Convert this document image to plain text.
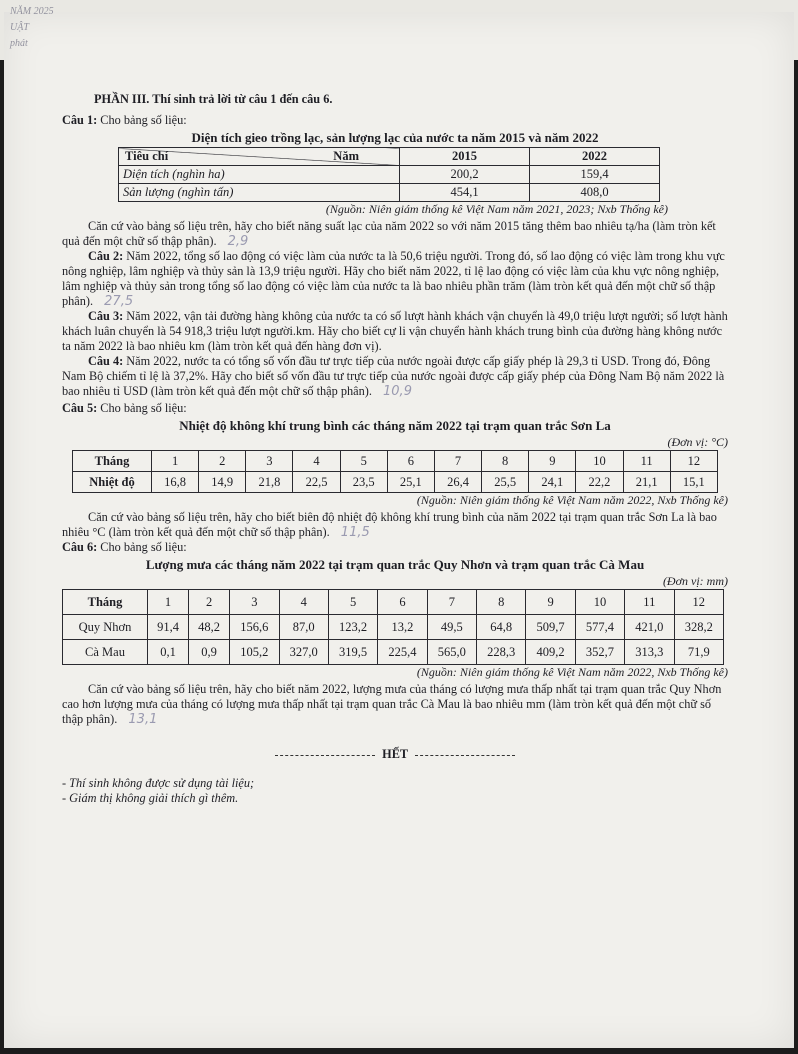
NĂM 2025
UẬT
phát

PHẦN III. Thí sinh trả lời từ câu 1 đến câu 6.

Câu 1: Cho bảng số liệu:

Diện tích gieo trồng lạc, sản lượng lạc của nước ta năm 2015 và năm 2022

Năm
Tiêu chí	2015	2022
Diện tích (nghìn ha)	200,2	159,4
Sản lượng (nghìn tấn)	454,1	408,0

(Nguồn: Niên giám thống kê Việt Nam năm 2021, 2023; Nxb Thống kê)

Căn cứ vào bảng số liệu trên, hãy cho biết năng suất lạc của năm 2022 so với năm 2015 tăng thêm bao nhiêu tạ/ha (làm tròn kết quả đến một chữ số thập phân). 2,9

Câu 2: Năm 2022, tổng số lao động có việc làm của nước ta là 50,6 triệu người. Trong đó, số lao động có việc làm trong khu vực nông nghiệp, lâm nghiệp và thủy sản là 13,9 triệu người. Hãy cho biết năm 2022, tỉ lệ lao động có việc làm của khu vực nông nghiệp, lâm nghiệp và thủy sản trong tổng số lao động có việc làm của nước ta là bao nhiêu phần trăm (làm tròn kết quả đến một chữ số thập phân). 27,5

Câu 3: Năm 2022, vận tải đường hàng không của nước ta có số lượt hành khách vận chuyển là 49,0 triệu lượt người; số lượt hành khách luân chuyển là 54 918,3 triệu lượt người.km. Hãy cho biết cự li vận chuyển hành khách trung bình của đường hàng không nước ta năm 2022 là bao nhiêu km (làm tròn kết quả đến hàng đơn vị).

Câu 4: Năm 2022, nước ta có tổng số vốn đầu tư trực tiếp của nước ngoài được cấp giấy phép là 29,3 tỉ USD. Trong đó, Đông Nam Bộ chiếm tỉ lệ là 37,2%. Hãy cho biết số vốn đầu tư trực tiếp của nước ngoài được cấp giấy phép của Đông Nam Bộ năm 2022 là bao nhiêu tỉ USD (làm tròn kết quả đến một chữ số thập phân). 10,9

Câu 5: Cho bảng số liệu:

Nhiệt độ không khí trung bình các tháng năm 2022 tại trạm quan trắc Sơn La

(Đơn vị: °C)

Tháng	1	2	3	4	5	6	7	8	9	10	11	12
Nhiệt độ	16,8	14,9	21,8	22,5	23,5	25,1	26,4	25,5	24,1	22,2	21,1	15,1

(Nguồn: Niên giám thống kê Việt Nam năm 2022, Nxb Thống kê)

Căn cứ vào bảng số liệu trên, hãy cho biết biên độ nhiệt độ không khí trung bình của năm 2022 tại trạm quan trắc Sơn La là bao nhiêu °C (làm tròn kết quả đến một chữ số thập phân). 11,5

Câu 6: Cho bảng số liệu:

Lượng mưa các tháng năm 2022 tại trạm quan trắc Quy Nhơn và trạm quan trắc Cà Mau

(Đơn vị: mm)

Tháng	1	2	3	4	5	6	7	8	9	10	11	12
Quy Nhơn	91,4	48,2	156,6	87,0	123,2	13,2	49,5	64,8	509,7	577,4	421,0	328,2
Cà Mau	0,1	0,9	105,2	327,0	319,5	225,4	565,0	228,3	409,2	352,7	313,3	71,9

(Nguồn: Niên giám thống kê Việt Nam năm 2022, Nxb Thống kê)

Căn cứ vào bảng số liệu trên, hãy cho biết năm 2022, lượng mưa của tháng có lượng mưa thấp nhất tại trạm quan trắc Quy Nhơn cao hơn lượng mưa của tháng có lượng mưa thấp nhất tại trạm quan trắc Cà Mau là bao nhiêu mm (làm tròn kết quả đến một chữ số thập phân). 13,1

HẾT

- Thí sinh không được sử dụng tài liệu;
- Giám thị không giải thích gì thêm.
